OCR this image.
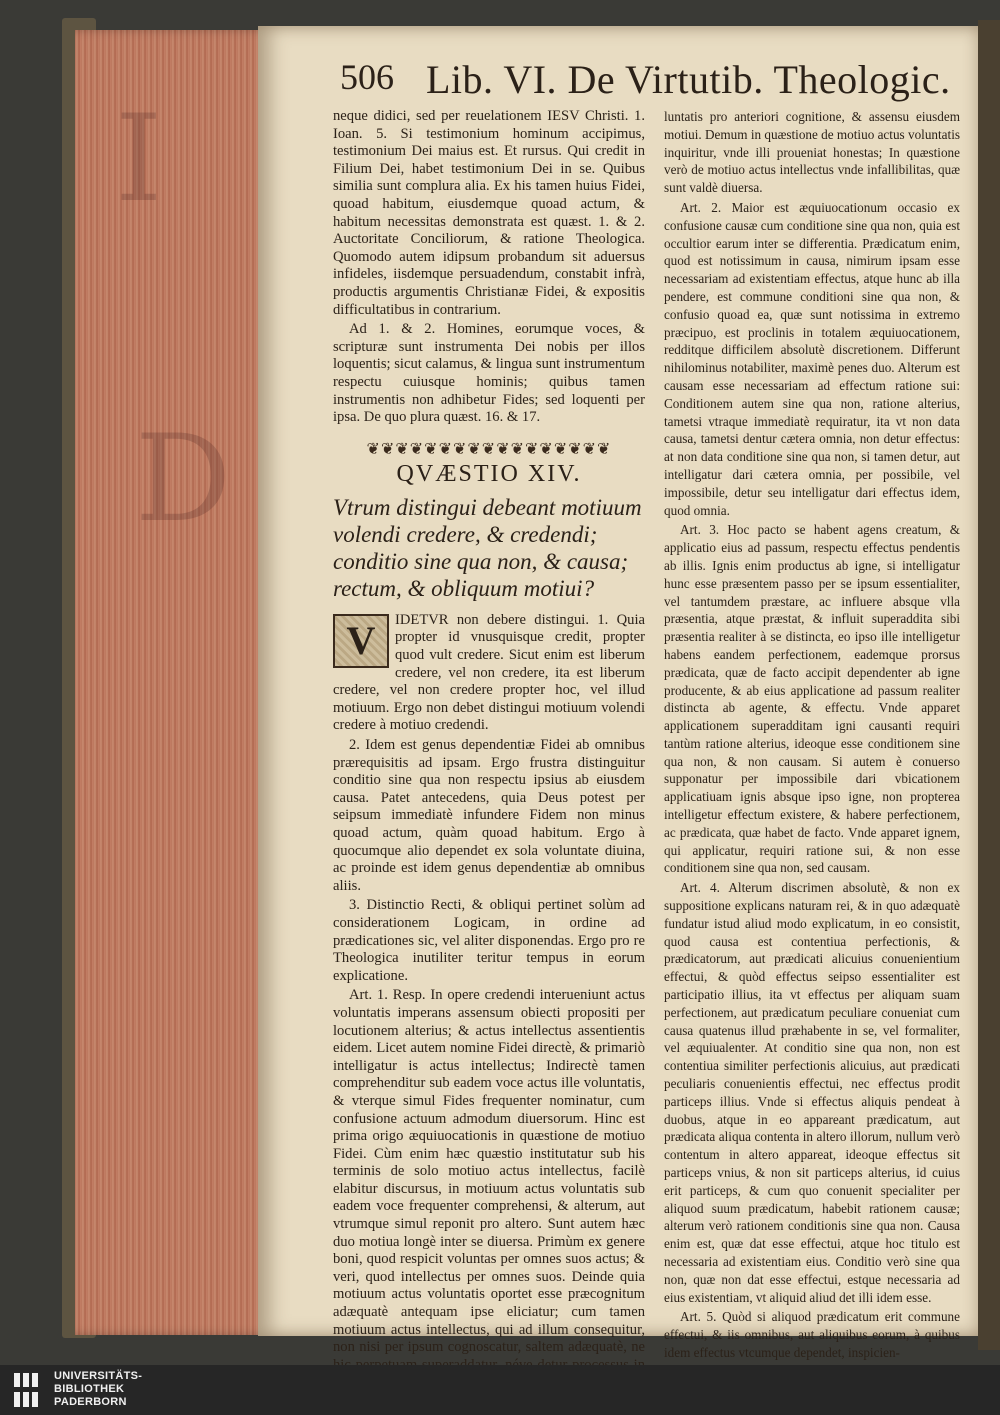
I
D
506 Lib. VI. De Virtutib. Theologic.

neque didici, sed per reuelationem IESV Christi. 1. Ioan. 5. Si testimonium hominum accipimus, testimonium Dei maius est. Et rursus. Qui credit in Filium Dei, habet testimonium Dei in se. Quibus similia sunt complura alia. Ex his tamen huius Fidei, quoad habitum, eiusdemque quoad actum, & habitum necessitas demonstrata est quæst. 1. & 2. Auctoritate Conciliorum, & ratione Theologica. Quomodo autem idipsum probandum sit aduersus infideles, iisdemque persuadendum, constabit infrà, productis argumentis Christianæ Fidei, & expositis difficultatibus in contrarium.

Ad 1. & 2. Homines, eorumque voces, & scripturæ sunt instrumenta Dei nobis per illos loquentis; sicut calamus, & lingua sunt instrumentum respectu cuiusque hominis; quibus tamen instrumentis non adhibetur Fides; sed loquenti per ipsa. De quo plura quæst. 16. & 17.

❦❦❦❦❦❦❦❦❦❦❦❦❦❦❦❦❦
QVÆSTIO XIV.
Vtrum distingui debeant motiuum volendi credere, & credendi; conditio sine qua non, & causa; rectum, & obliquum motiui?

V	IDETVR non debere distingui. 1. Quia propter id vnusquisque credit, propter quod vult credere. Sicut enim est liberum credere, vel non credere, ita est liberum credere, vel non credere propter hoc, vel illud motiuum. Ergo non debet distingui motiuum volendi credere à motiuo credendi.

2. Idem est genus dependentiæ Fidei ab omnibus prærequisitis ad ipsam. Ergo frustra distinguitur conditio sine qua non respectu ipsius ab eiusdem causa. Patet antecedens, quia Deus potest per seipsum immediatè infundere Fidem non minus quoad actum, quàm quoad habitum. Ergo à quocumque alio dependet ex sola voluntate diuina, ac proinde est idem genus dependentiæ ab omnibus aliis.

3. Distinctio Recti, & obliqui pertinet solùm ad considerationem Logicam, in ordine ad prædicationes sic, vel aliter disponendas. Ergo pro re Theologica inutiliter teritur tempus in eorum explicatione.

Art. 1. Resp. In opere credendi interueniunt actus voluntatis imperans assensum obiecti propositi per locutionem alterius; & actus intellectus assentientis eidem. Licet autem nomine Fidei directè, & primariò intelligatur is actus intellectus; Indirectè tamen comprehenditur sub eadem voce actus ille voluntatis, & vterque simul Fides frequenter nominatur, cum confusione actuum admodum diuersorum. Hinc est prima origo æquiuocationis in quæstione de motiuo Fidei. Cùm enim hæc quæstio institutatur sub his terminis de solo motiuo actus intellectus, facilè elabitur discursus, in motiuum actus voluntatis sub eadem voce frequenter comprehensi, & alterum, aut vtrumque simul reponit pro altero. Sunt autem hæc duo motiua longè inter se diuersa. Primùm ex genere boni, quod respicit voluntas per omnes suos actus; & veri, quod intellectus per omnes suos. Deinde quia motiuum actus voluntatis oportet esse præcognitum adæquatè antequam ipse eliciatur; cum tamen motiuum actus intellectus, qui ad illum consequitur, non nisi per ipsum cognoscatur, saltem adæquatè, ne

luntatis pro anteriori cognitione, & assensu eiusdem motiui. Demum in quæstione de motiuo actus voluntatis inquiritur, vnde illi proueniat honestas; In quæstione verò de motiuo actus intellectus vnde infallibilitas, quæ sunt valdè diuersa.

Art. 2. Maior est æquiuocationum occasio ex confusione causæ cum conditione sine qua non, quia est occultior earum inter se differentia. Prædicatum enim, quod est notissimum in causa, nimirum ipsam esse necessariam ad existentiam effectus, atque hunc ab illa pendere, est commune conditioni sine qua non, & confusio quoad ea, quæ sunt notissima in extremo præcipuo, est proclinis in totalem æquiuocationem, redditque difficilem absolutè discretionem. Differunt nihilominus notabiliter, maximè penes duo. Alterum est causam esse necessariam ad effectum ratione sui: Conditionem autem sine qua non, ratione alterius, tametsi vtraque immediatè requiratur, ita vt non data causa, tametsi dentur cætera omnia, non detur effectus: at non data conditione sine qua non, si tamen detur, aut intelligatur dari cætera omnia, per possibile, vel impossibile, detur seu intelligatur dari effectus idem, quod omnia.

Art. 3. Hoc pacto se habent agens creatum, & applicatio eius ad passum, respectu effectus pendentis ab illis. Ignis enim productus ab igne, si intelligatur hunc esse præsentem passo per se ipsum essentialiter, vel tantumdem præstare, ac influere absque vlla præsentia, atque præstat, & influit superaddita sibi præsentia realiter à se distincta, eo ipso ille intelligetur habens eandem perfectionem, eademque prorsus prædicata, quæ de facto accipit dependenter ab igne producente, & ab eius applicatione ad passum realiter distincta ab agente, & effectu. Vnde apparet applicationem superadditam igni causanti requiri tantùm ratione alterius, ideoque esse conditionem sine qua non, & non causam. Si autem è conuerso supponatur per impossibile dari vbicationem applicatiuam ignis absque ipso igne, non propterea intelligetur effectum existere, & habere perfectionem, ac prædicata, quæ habet de facto. Vnde apparet ignem, qui applicatur, requiri ratione sui, & non esse conditionem sine qua non, sed causam.

Art. 4. Alterum discrimen absolutè, & non ex suppositione explicans naturam rei, & in quo adæquatè fundatur istud aliud modo explicatum, in eo consistit, quod causa est contentiua perfectionis, & prædicatorum, aut prædicati alicuius conuenientium effectui, & quòd effectus seipso essentialiter est participatio illius, ita vt effectus per aliquam suam perfectionem, aut prædicatum peculiare conueniat cum causa quatenus illud præhabente in se, vel formaliter, vel æquiualenter. At conditio sine qua non, non est contentiua similiter perfectionis alicuius, aut prædicati peculiaris conuenientis effectui, nec effectus prodit particeps illius. Vnde si effectus aliquis pendeat à duobus, atque in eo appareant prædicatum, aut prædicata aliqua contenta in altero illorum, nullum verò contentum in altero appareat, ideoque effectus sit particeps vnius, & non sit particeps alterius, id cuius erit particeps, & cum quo conuenit specialiter per aliquod suum prædicatum, habebit rationem causæ; alterum verò rationem conditionis sine qua non. Causa enim est, quæ dat esse effectui, atque hoc titulo est necessaria ad existentiam eius. Conditio verò sine qua non, quæ non dat esse effectui, estque necessaria ad eius existentiam, vt aliquid aliud det illi idem esse.

Art. 5. Quòd si aliquod prædicatum erit commune effectui, & iis omnibus, aut aliquibus eorum, à quibus idem effectus vtcumque dependet, inspicien-

UNIVERSITÄTS-
BIBLIOTHEK
PADERBORN
